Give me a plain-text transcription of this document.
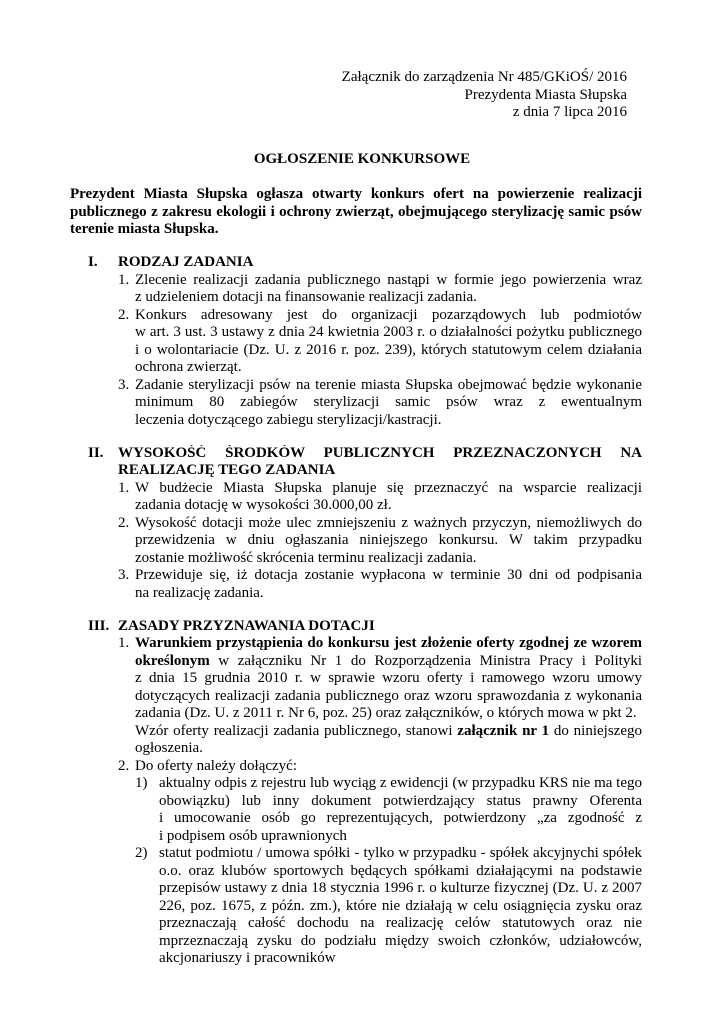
Załącznik do zarządzenia Nr 485/GKiOŚ/ 2016
Prezydenta Miasta Słupska
z dnia 7 lipca 2016
OGŁOSZENIE KONKURSOWE
Prezydent Miasta Słupska ogłasza otwarty konkurs ofert na powierzenie realizacji
publicznego z zakresu ekologii i ochrony zwierząt, obejmującego sterylizację samic psów
terenie miasta Słupska.
I. RODZAJ ZADANIA
1. Zlecenie realizacji zadania publicznego nastąpi w formie jego powierzenia wraz
z udzieleniem dotacji na finansowanie realizacji zadania.
2. Konkurs adresowany jest do organizacji pozarządowych lub podmiotów
w art. 3 ust. 3 ustawy z dnia 24 kwietnia 2003 r. o działalności pożytku publicznego
i o wolontariacie (Dz. U. z 2016 r. poz. 239), których statutowym celem działania
ochrona zwierząt.
3. Zadanie sterylizacji psów na terenie miasta Słupska obejmować będzie wykonanie
minimum 80 zabiegów sterylizacji samic psów wraz z ewentualnym
leczenia dotyczącego zabiegu sterylizacji/kastracji.
II. WYSOKOŚĆ ŚRODKÓW PUBLICZNYCH PRZEZNACZONYCH NA
REALIZACJĘ TEGO ZADANIA
1. W budżecie Miasta Słupska planuje się przeznaczyć na wsparcie realizacji
zadania dotację w wysokości 30.000,00 zł.
2. Wysokość dotacji może ulec zmniejszeniu z ważnych przyczyn, niemożliwych do
przewidzenia w dniu ogłaszania niniejszego konkursu. W takim przypadku
zostanie możliwość skrócenia terminu realizacji zadania.
3. Przewiduje się, iż dotacja zostanie wypłacona w terminie 30 dni od podpisania
na realizację zadania.
III. ZASADY PRZYZNAWANIA DOTACJI
1. Warunkiem przystąpienia do konkursu jest złożenie oferty zgodnej ze wzorem
określonym w załączniku Nr 1 do Rozporządzenia Ministra Pracy i Polityki
z dnia 15 grudnia 2010 r. w sprawie wzoru oferty i ramowego wzoru umowy
dotyczących realizacji zadania publicznego oraz wzoru sprawozdania z wykonania
zadania (Dz. U. z 2011 r. Nr 6, poz. 25) oraz załączników, o których mowa w pkt 2.
Wzór oferty realizacji zadania publicznego, stanowi załącznik nr 1 do niniejszego
ogłoszenia.
2. Do oferty należy dołączyć:
1) aktualny odpis z rejestru lub wyciąg z ewidencji (w przypadku KRS nie ma tego
obowiązku) lub inny dokument potwierdzający status prawny Oferenta
i umocowanie osób go reprezentujących, potwierdzony „za zgodność z
i podpisem osób uprawnionych
2) statut podmiotu / umowa spółki - tylko w przypadku - spółek akcyjnychi spółek
o.o. oraz klubów sportowych będących spółkami działającymi na podstawie
przepisów ustawy z dnia 18 stycznia 1996 r. o kulturze fizycznej (Dz. U. z 2007
226, poz. 1675, z późn. zm.), które nie działają w celu osiągnięcia zysku oraz
przeznaczają całość dochodu na realizację celów statutowych oraz nie
mprzeznaczają zysku do podziału między swoich członków, udziałowców,
akcjonariuszy i pracowników
